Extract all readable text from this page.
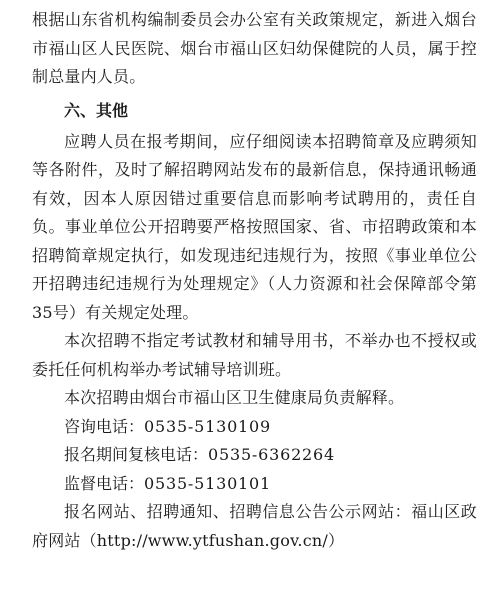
根据山东省机构编制委员会办公室有关政策规定，新进入烟台市福山区人民医院、烟台市福山区妇幼保健院的人员，属于控制总量内人员。

六、其他

应聘人员在报考期间，应仔细阅读本招聘简章及应聘须知等各附件，及时了解招聘网站发布的最新信息，保持通讯畅通有效，因本人原因错过重要信息而影响考试聘用的，责任自负。事业单位公开招聘要严格按照国家、省、市招聘政策和本招聘简章规定执行，如发现违纪违规行为，按照《事业单位公开招聘违纪违规行为处理规定》（人力资源和社会保障部令第35号）有关规定处理。

本次招聘不指定考试教材和辅导用书，不举办也不授权或委托任何机构举办考试辅导培训班。

本次招聘由烟台市福山区卫生健康局负责解释。

咨询电话：0535-5130109

报名期间复核电话：0535-6362264

监督电话：0535-5130101

报名网站、招聘通知、招聘信息公告公示网站：福山区政府网站（http://www.ytfushan.gov.cn/）
